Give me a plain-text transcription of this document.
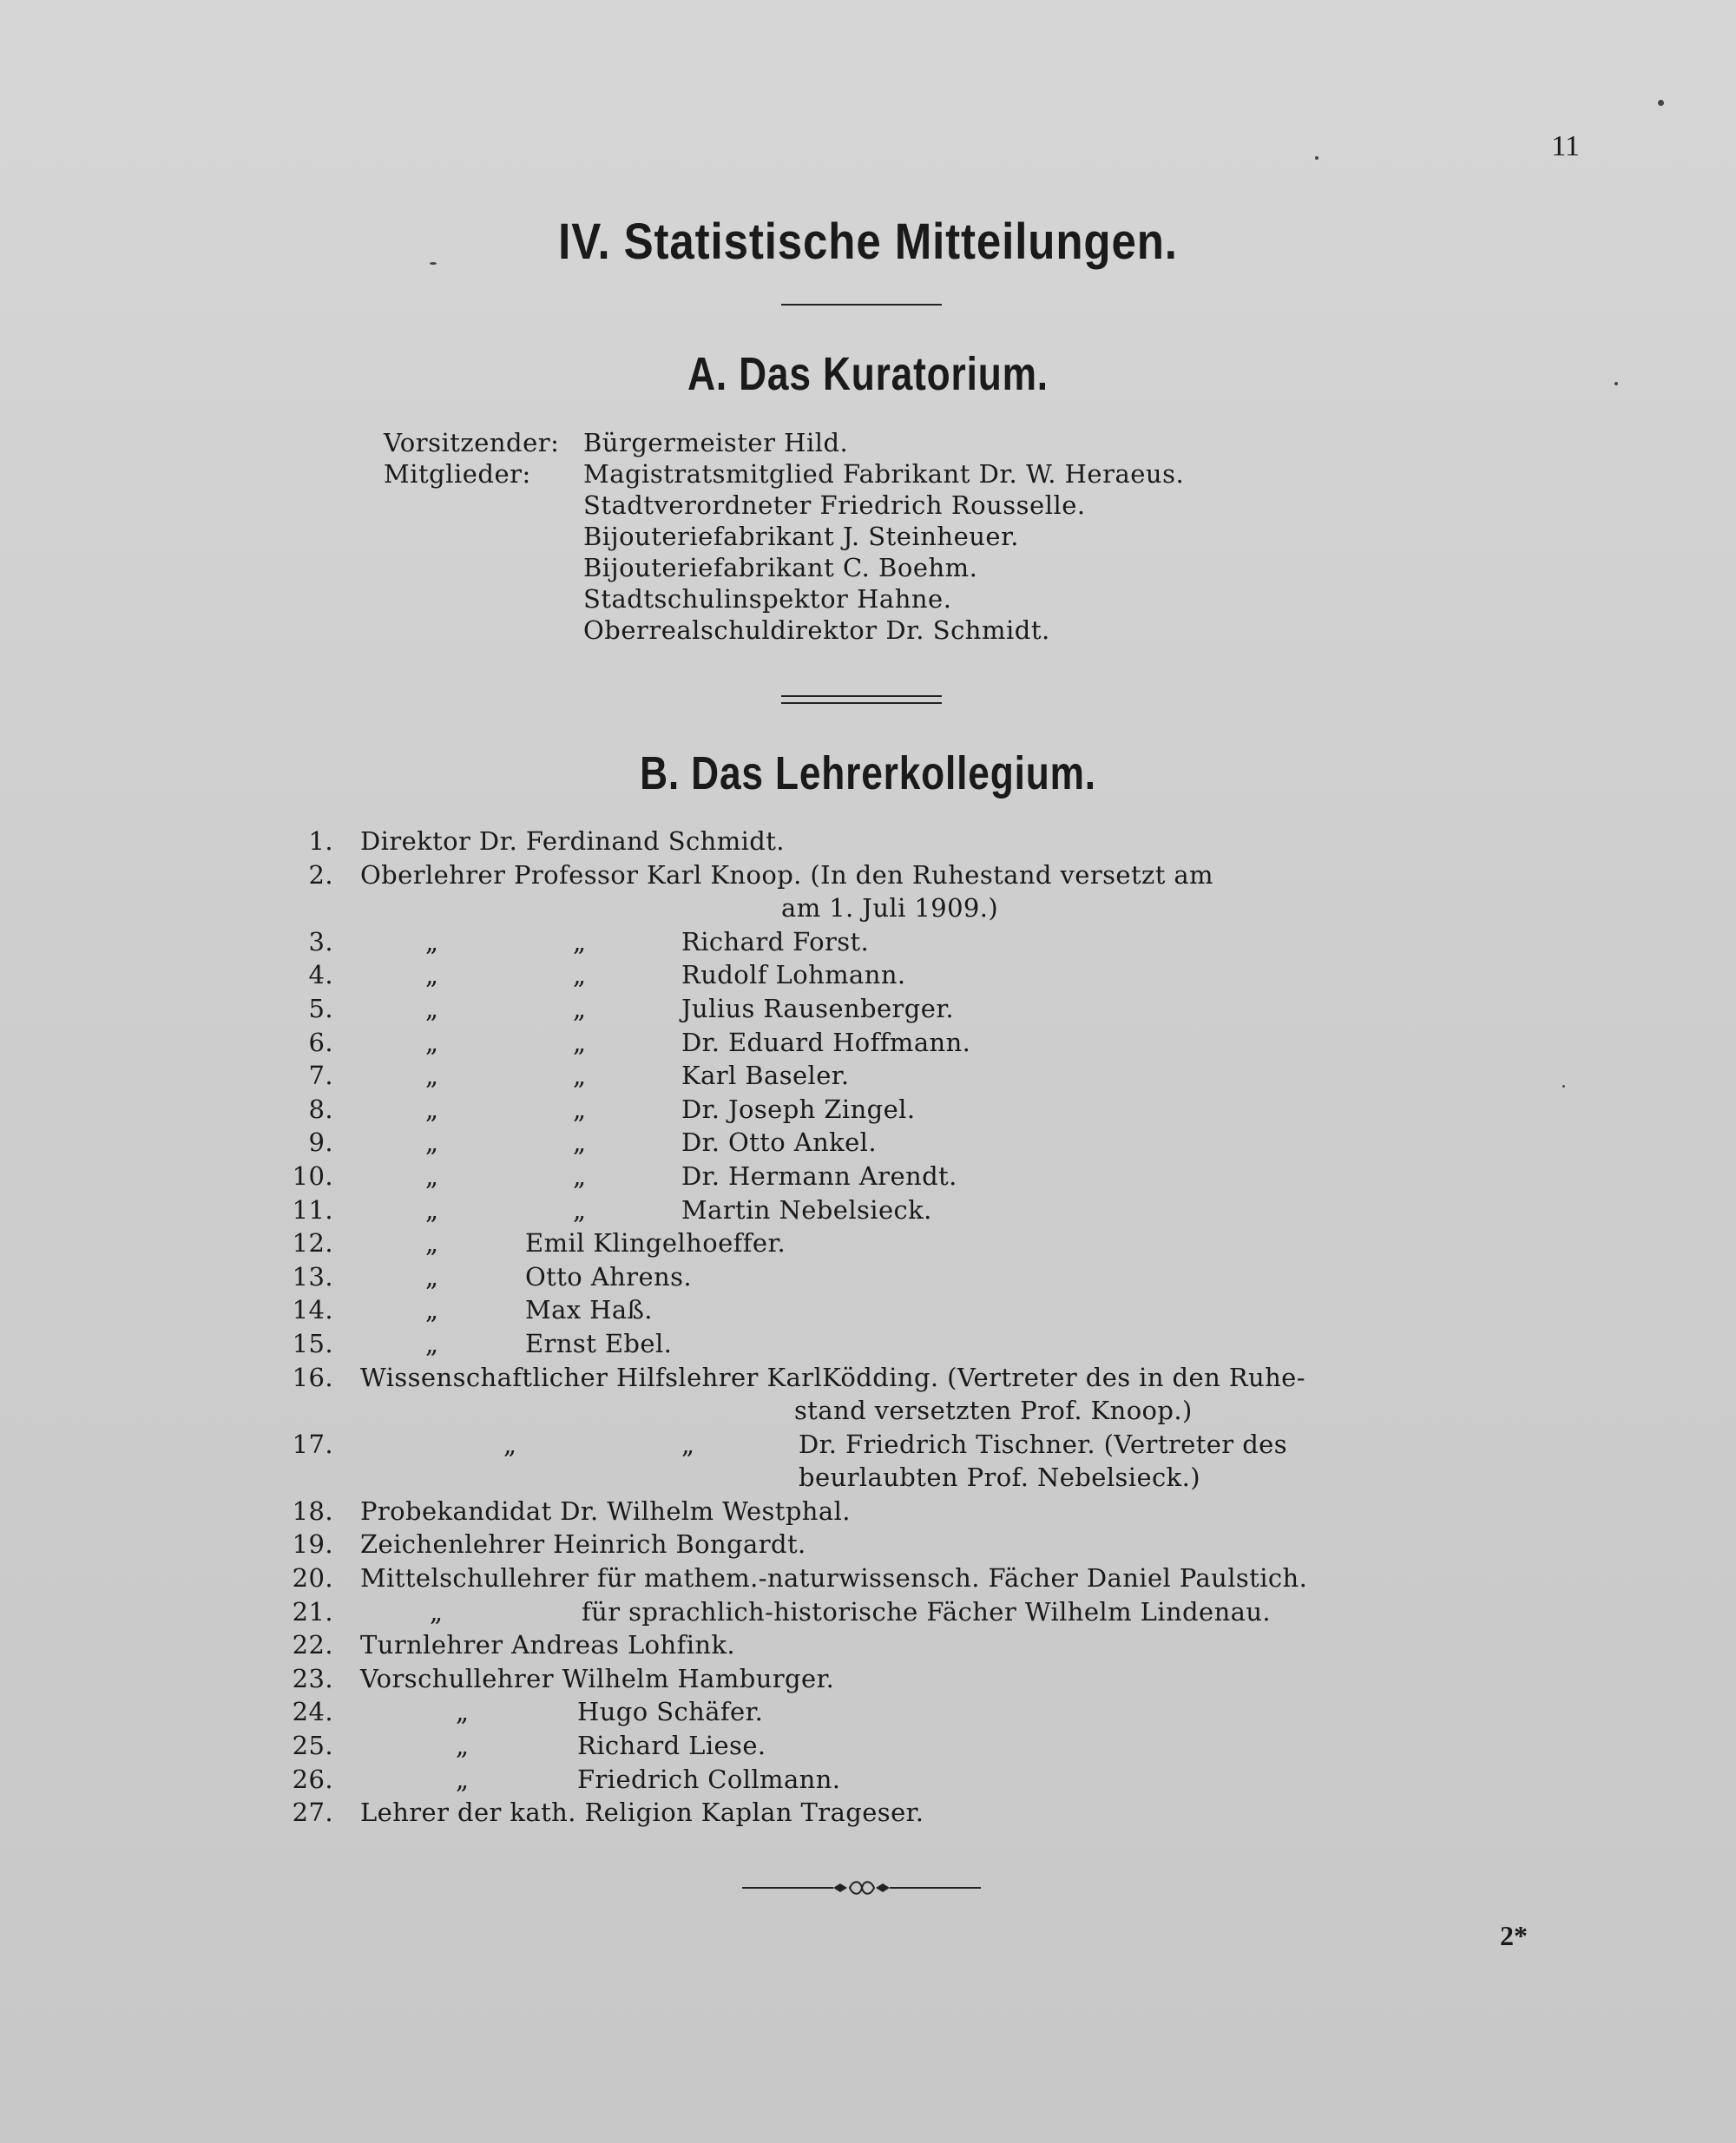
11
IV. Statistische Mitteilungen.
A. Das Kuratorium.
Vorsitzender: Bürgermeister Hild.
Mitglieder:	Magistratsmitglied Fabrikant Dr. W. Heraeus.
Stadtverordneter Friedrich Rousselle.
Bijouteriefabrikant J. Steinheuer.
Bijouteriefabrikant C. Boehm.
Stadtschulinspektor Hahne.
Oberrealschuldirektor Dr. Schmidt.
B. Das Lehrerkollegium.
1.	Direktor Dr. Ferdinand Schmidt.
2.	Oberlehrer Professor Karl Knoop. (In den Ruhestand versetzt am
am 1. Juli 1909.)
3.	„	„	Richard Forst.
4.	„	„	Rudolf Lohmann.
5.	„	„	Julius Rausenberger.
6.	„	„	Dr. Eduard Hoffmann.
7.	„	„	Karl Baseler.
8.	„	„	Dr. Joseph Zingel.
9.	„	„	Dr. Otto Ankel.
10.	„	„	Dr. Hermann Arendt.
11.	„	„	Martin Nebelsieck.
12.	„	Emil Klingelhoeffer.
13.	„	Otto Ahrens.
14.	„	Max Haß.
15.	„	Ernst Ebel.
16.	Wissenschaftlicher Hilfslehrer KarlKödding. (Vertreter des in den Ruhe-
stand versetzten Prof. Knoop.)
17.	„	„	Dr. Friedrich Tischner. (Vertreter des
beurlaubten Prof. Nebelsieck.)
18.	Probekandidat Dr. Wilhelm Westphal.
19.	Zeichenlehrer Heinrich Bongardt.
20.	Mittelschullehrer für mathem.-naturwissensch. Fächer Daniel Paulstich.
21.	„	für sprachlich-historische Fächer Wilhelm Lindenau.
22.	Turnlehrer Andreas Lohfink.
23.	Vorschullehrer Wilhelm Hamburger.
24.	„	Hugo Schäfer.
25.	„	Richard Liese.
26.	„	Friedrich Collmann.
27.	Lehrer der kath. Religion Kaplan Trageser.
2*
